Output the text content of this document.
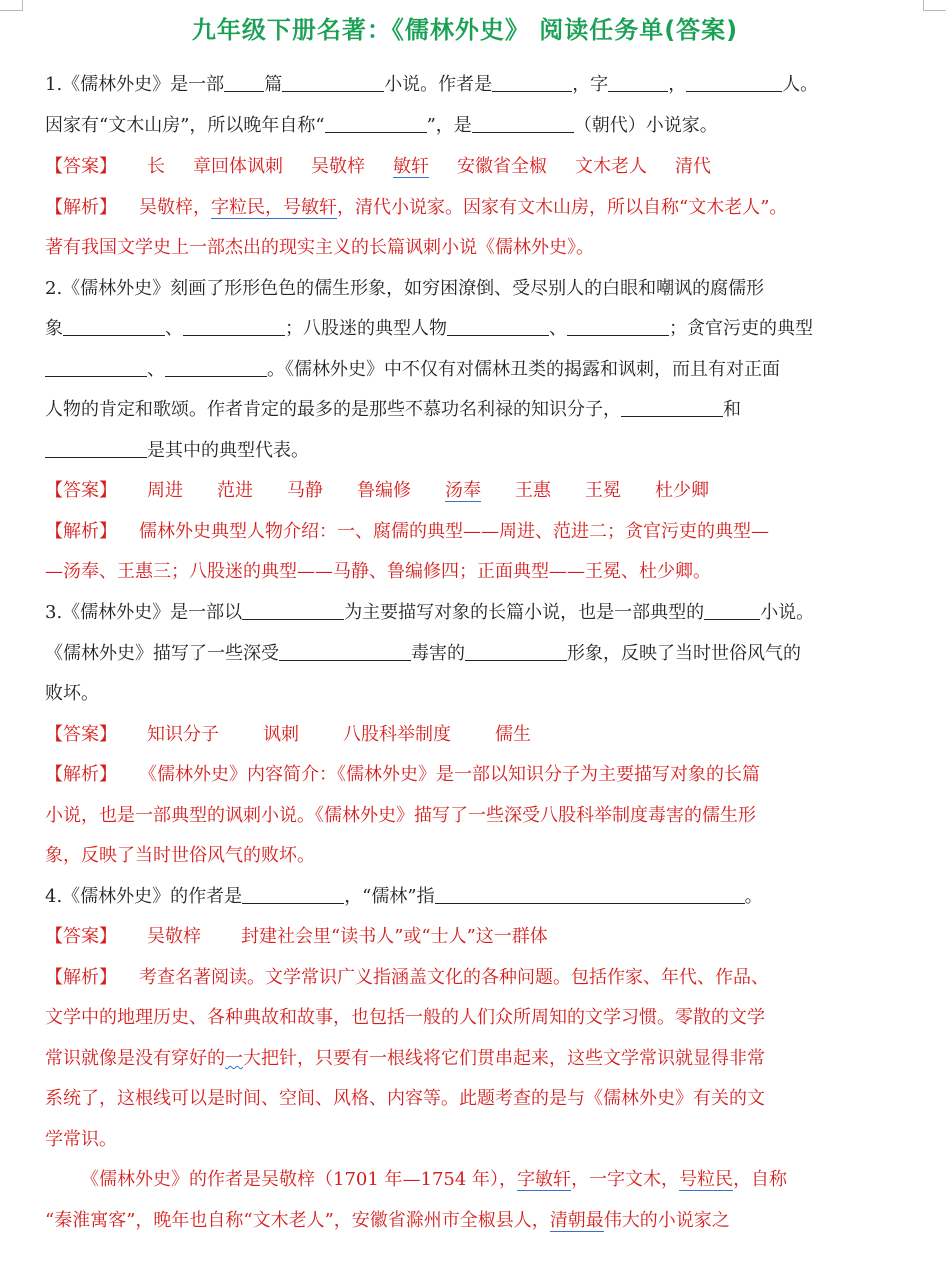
九年级下册名著：《儒林外史》 阅读任务单(答案)
1.《儒林外史》是一部 篇	小说。作者是	，字	，	人。
因家有“文木山房”，所以晚年自称“	”，是	（朝代）小说家。
【答案】 长 章回体讽刺 吴敬梓 敏轩 安徽省全椒 文木老人 清代
【解析】 吴敬梓，字粒民，号敏轩，清代小说家。因家有文木山房，所以自称“文木老人”。
著有我国文学史上一部杰出的现实主义的长篇讽刺小说《儒林外史》。
2.《儒林外史》刻画了形形色色的儒生形象，如穷困潦倒、受尽别人的白眼和嘲讽的腐儒形
象	、	；八股迷的典型人物	、	；贪官污吏的典型
、	。《儒林外史》中不仅有对儒林丑类的揭露和讽刺，而且有对正面
人物的肯定和歌颂。作者肯定的最多的是那些不慕功名利禄的知识分子，	和
是其中的典型代表。
【答案】 周进 范进 马静 鲁编修 汤奉 王惠 王冕 杜少卿
【解析】 儒林外史典型人物介绍：一、腐儒的典型——周进、范进二；贪官污吏的典型—
—汤奉、王惠三；八股迷的典型——马静、鲁编修四；正面典型——王冕、杜少卿。
3.《儒林外史》是一部以	为主要描写对象的长篇小说，也是一部典型的	小说。
《儒林外史》描写了一些深受	毒害的	形象，反映了当时世俗风气的
败坏。
【答案】 知识分子 讽刺 八股科举制度 儒生
【解析】 《儒林外史》内容简介：《儒林外史》是一部以知识分子为主要描写对象的长篇
小说，也是一部典型的讽刺小说。《儒林外史》描写了一些深受八股科举制度毒害的儒生形
象，反映了当时世俗风气的败坏。
4.《儒林外史》的作者是	，“儒林”指	。
【答案】 吴敬梓 封建社会里“读书人”或“士人”这一群体
【解析】 考查名著阅读。文学常识广义指涵盖文化的各种问题。包括作家、年代、作品、
文学中的地理历史、各种典故和故事，也包括一般的人们众所周知的文学习惯。零散的文学
常识就像是没有穿好的一大把针，只要有一根线将它们贯串起来，这些文学常识就显得非常
系统了，这根线可以是时间、空间、风格、内容等。此题考查的是与《儒林外史》有关的文
学常识。
《儒林外史》的作者是吴敬梓（1701 年—1754 年），字敏轩，一字文木，号粒民，自称
“秦淮寓客”，晚年也自称“文木老人”，安徽省滁州市全椒县人，清朝最伟大的小说家之
